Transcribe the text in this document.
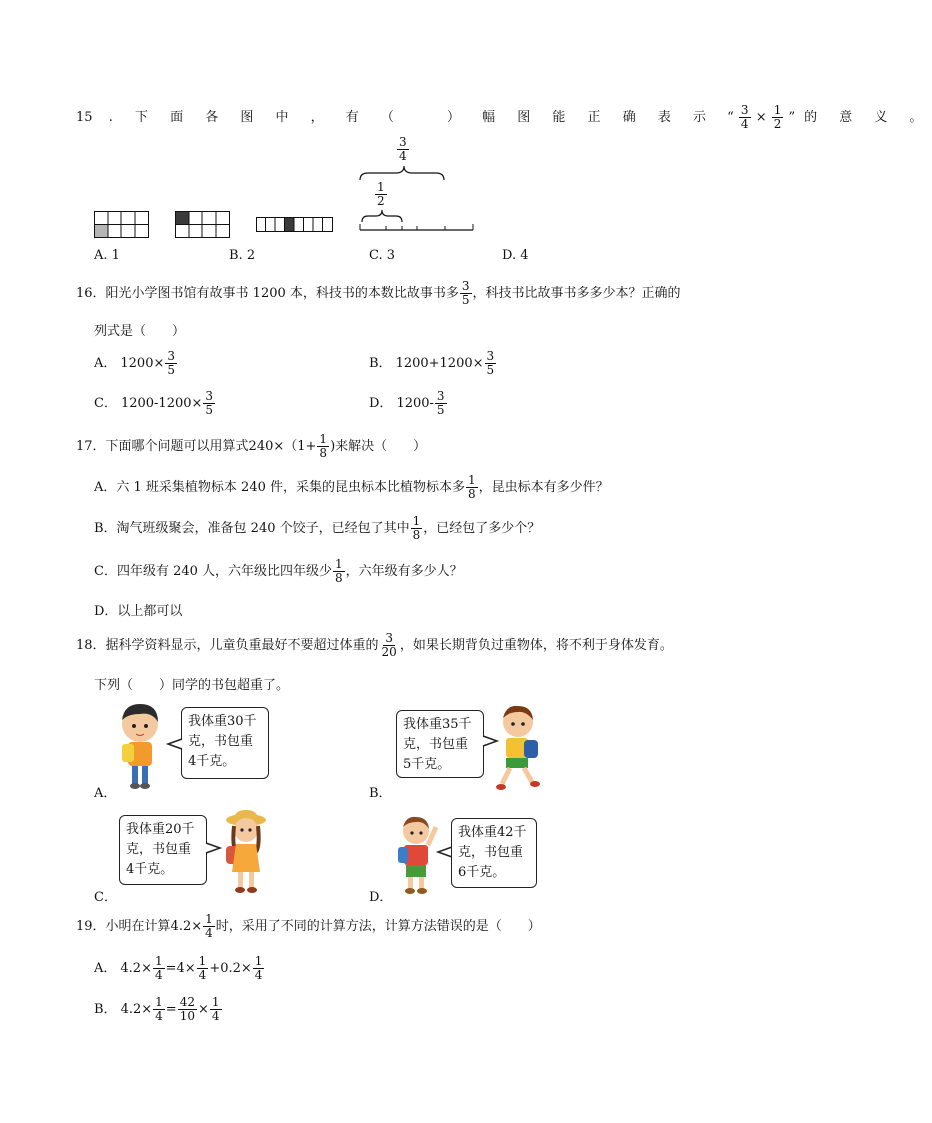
15 . 下 面 各 图 中 ， 有 （	） 幅 图 能 正 确 表 示 “ $\frac{3}{4} \times \frac{1}{2}$ ”的 意 义 。
$\frac{3}{4}$
$\frac{1}{2}$
A. 1	B. 2	C. 3	D. 4
16．阳光小学图书馆有故事书 1200 本，科技书的本数比故事书多 $\frac{3}{5}$ ，科技书比故事书多多少本？正确的
列式是（　　）
A． $1200\times \frac{3}{5}$	B． $1200+1200\times \frac{3}{5}$
C． $1200-1200\times \frac{3}{5}$	D． $1200- \frac{3}{5}$
17．下面哪个问题可以用算式$240\times(1+ \frac{1}{8}$ )来解决（　　）
A．六 1 班采集植物标本 240 件，采集的昆虫标本比植物标本多 $\frac{1}{8}$ ，昆虫标本有多少件？
B．淘气班级聚会，准备包 240 个饺子，已经包了其中 $\frac{1}{8}$ ，已经包了多少个？
C．四年级有 240 人，六年级比四年级少 $\frac{1}{8}$ ，六年级有多少人？
D．以上都可以
18．据科学资料显示，儿童负重最好不要超过体重的 $\frac{3}{20}$ ，如果长期背负过重物体，将不利于身体发育。
下列（　　）同学的书包超重了。
我体重30千
克，书包重
4千克。
A．
我体重35千
克，书包重
5千克。
B．
我体重20千
克，书包重
4千克。
C．
我体重42千
克，书包重
6千克。
D．
19．小明在计算$4.2\times \frac{1}{4}$ 时，采用了不同的计算方法，计算方法错误的是（　　）
A． $4.2\times \frac{1}{4} =4\times \frac{1}{4} +0.2\times \frac{1}{4}$
B． $4.2\times \frac{1}{4} = \frac{42}{10} \times \frac{1}{4}$
